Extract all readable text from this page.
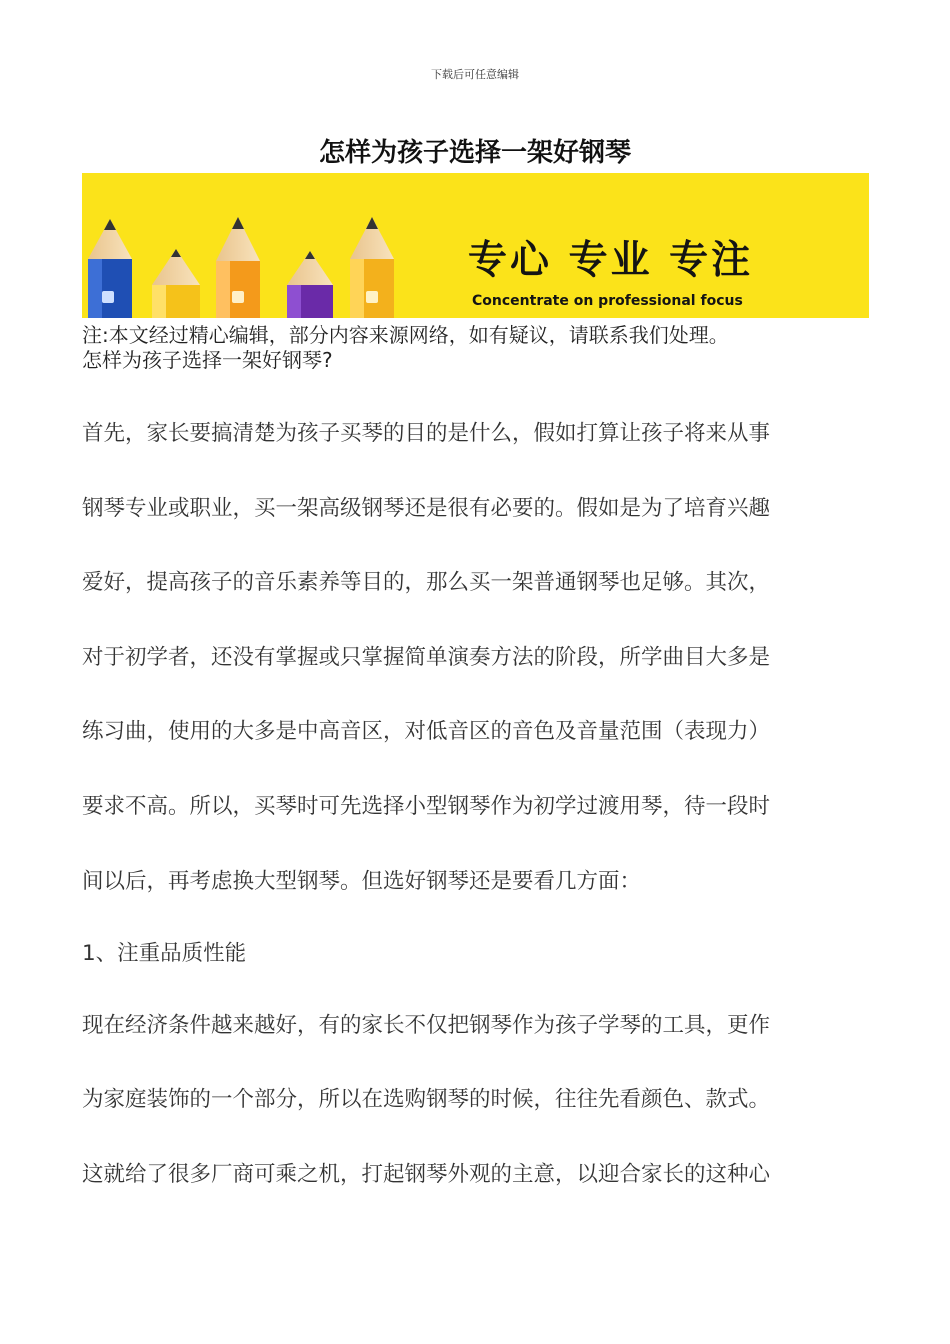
下载后可任意编辑
怎样为孩子选择一架好钢琴
专心 专业 专注
Concentrate on professional focus
注:本文经过精心编辑，部分内容来源网络，如有疑议，请联系我们处理。
怎样为孩子选择一架好钢琴?
首先，家长要搞清楚为孩子买琴的目的是什么，假如打算让孩子将来从事
钢琴专业或职业，买一架高级钢琴还是很有必要的。假如是为了培育兴趣
爱好，提高孩子的音乐素养等目的，那么买一架普通钢琴也足够。其次，
对于初学者，还没有掌握或只掌握简单演奏方法的阶段，所学曲目大多是
练习曲，使用的大多是中高音区，对低音区的音色及音量范围（表现力）
要求不高。所以，买琴时可先选择小型钢琴作为初学过渡用琴，待一段时
间以后，再考虑换大型钢琴。但选好钢琴还是要看几方面：
1、注重品质性能
现在经济条件越来越好，有的家长不仅把钢琴作为孩子学琴的工具，更作
为家庭装饰的一个部分，所以在选购钢琴的时候，往往先看颜色、款式。
这就给了很多厂商可乘之机，打起钢琴外观的主意，以迎合家长的这种心
